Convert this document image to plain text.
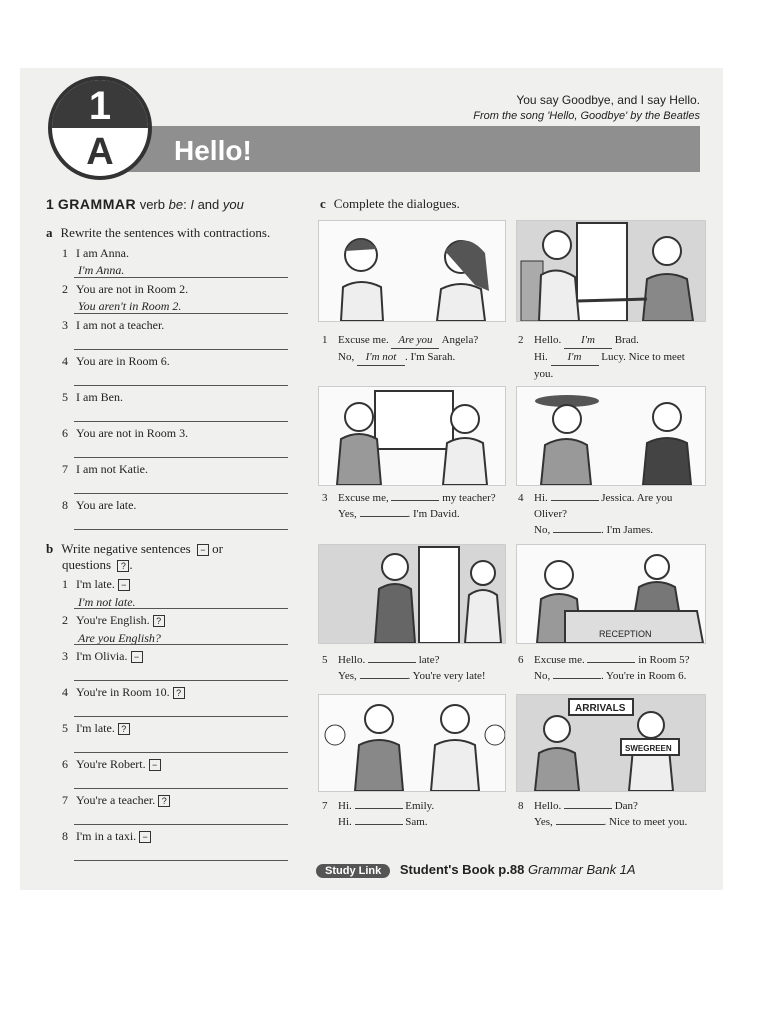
1
A	Hello!
You say Goodbye, and I say Hello.
From the song 'Hello, Goodbye' by the Beatles
1 GRAMMAR verb be: I and you
a Rewrite the sentences with contractions.
1 I am Anna.
I'm Anna.
2 You are not in Room 2.
You aren't in Room 2.
3 I am not a teacher.
4 You are in Room 6.
5 I am Ben.
6 You are not in Room 3.
7 I am not Katie.
8 You are late.
b Write negative sentences − or
questions ? .
1 I'm late. −
I'm not late.
2 You're English. ?
Are you English?
3 I'm Olivia. −
4 You're in Room 10. ?
5 I'm late. ?
6 You're Robert. −
7 You're a teacher. ?
8 I'm in a taxi. −
c Complete the dialogues.
RECEPTION
ARRIVALS
SWEGREEN
1 Excuse me. Are you Angela?
No, I'm not . I'm Sarah.
2 Hello. I'm Brad.
Hi. I'm Lucy. Nice to meet you.
3 Excuse me,	my teacher?
Yes,	. I'm David.
4 Hi.	Jessica. Are you Oliver?
No,	. I'm James.
5 Hello.	late?
Yes,	. You're very late!
6 Excuse me.	in Room 5?
No,	. You're in Room 6.
7 Hi.	Emily.
Hi.	Sam.
8 Hello.	Dan?
Yes,	. Nice to meet you.
Study Link Student's Book p.88 Grammar Bank 1A
